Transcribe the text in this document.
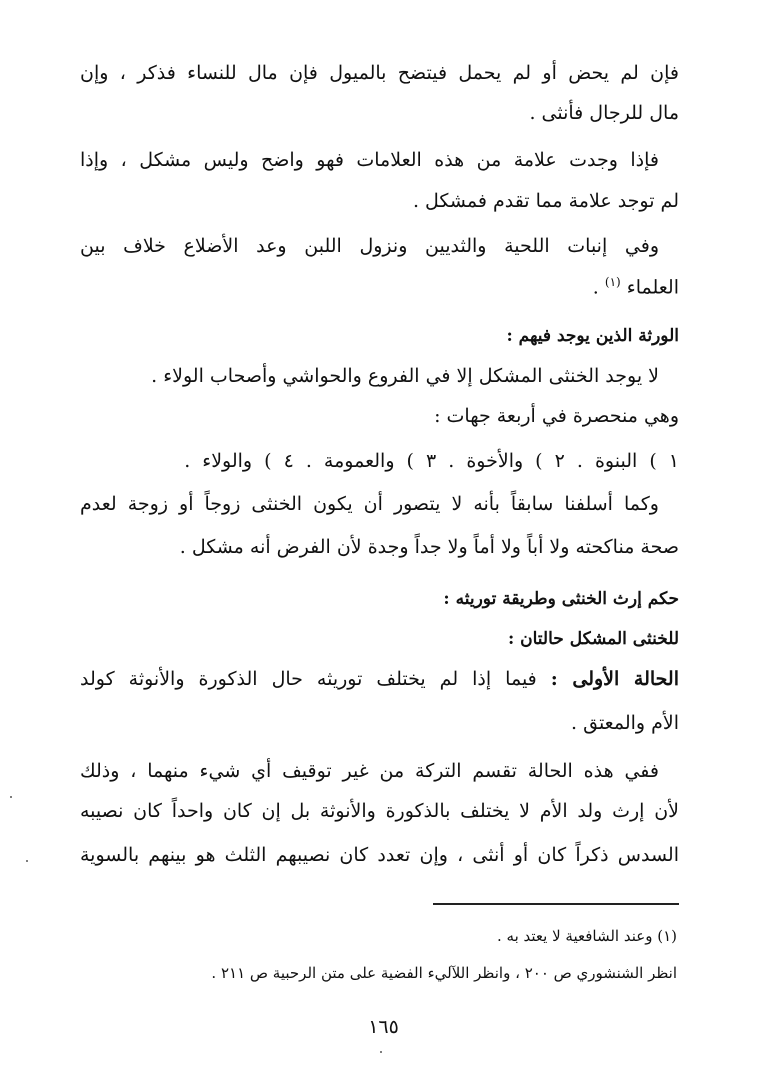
فإن لم يحض أو لم يحمل فيتضح بالميول فإن مال للنساء فذكر ، وإن
مال للرجال فأنثى .
فإذا وجدت علامة من هذه العلامات فهو واضح وليس مشكل ، وإذا
لم توجد علامة مما تقدم فمشكل .
وفي إنبات اللحية والثديين ونزول اللبن وعد الأضلاع خلاف بين
العلماء $^{(١)}$ .
الورثة الذين يوجد فيهم :
لا يوجد الخنثى المشكل إلا في الفروع والحواشي وأصحاب الولاء .
وهي منحصرة في أربعة جهات :
١ ) البنوة . ٢ ) والأخوة . ٣ ) والعمومة . ٤ ) والولاء .
وكما أسلفنا سابقاً بأنه لا يتصور أن يكون الخنثى زوجاً أو زوجة لعدم
صحة مناكحته ولا أباً ولا أماً ولا جداً وجدة لأن الفرض أنه مشكل .
حكم إرث الخنثى وطريقة توريثه :
للخنثى المشكل حالتان :
الحالة الأولى : فيما إذا لم يختلف توريثه حال الذكورة والأنوثة كولد
الأم والمعتق .
ففي هذه الحالة تقسم التركة من غير توقيف أي شيء منهما ، وذلك
لأن إرث ولد الأم لا يختلف بالذكورة والأنوثة بل إن كان واحداً كان نصيبه
السدس ذكراً كان أو أنثى ، وإن تعدد كان نصيبهم الثلث هو بينهم بالسوية
(١) وعند الشافعية لا يعتد به .
انظر الشنشوري ص ٢٠٠ ، وانظر اللآليء الفضية على متن الرحبية ص ٢١١ .
١٦٥
